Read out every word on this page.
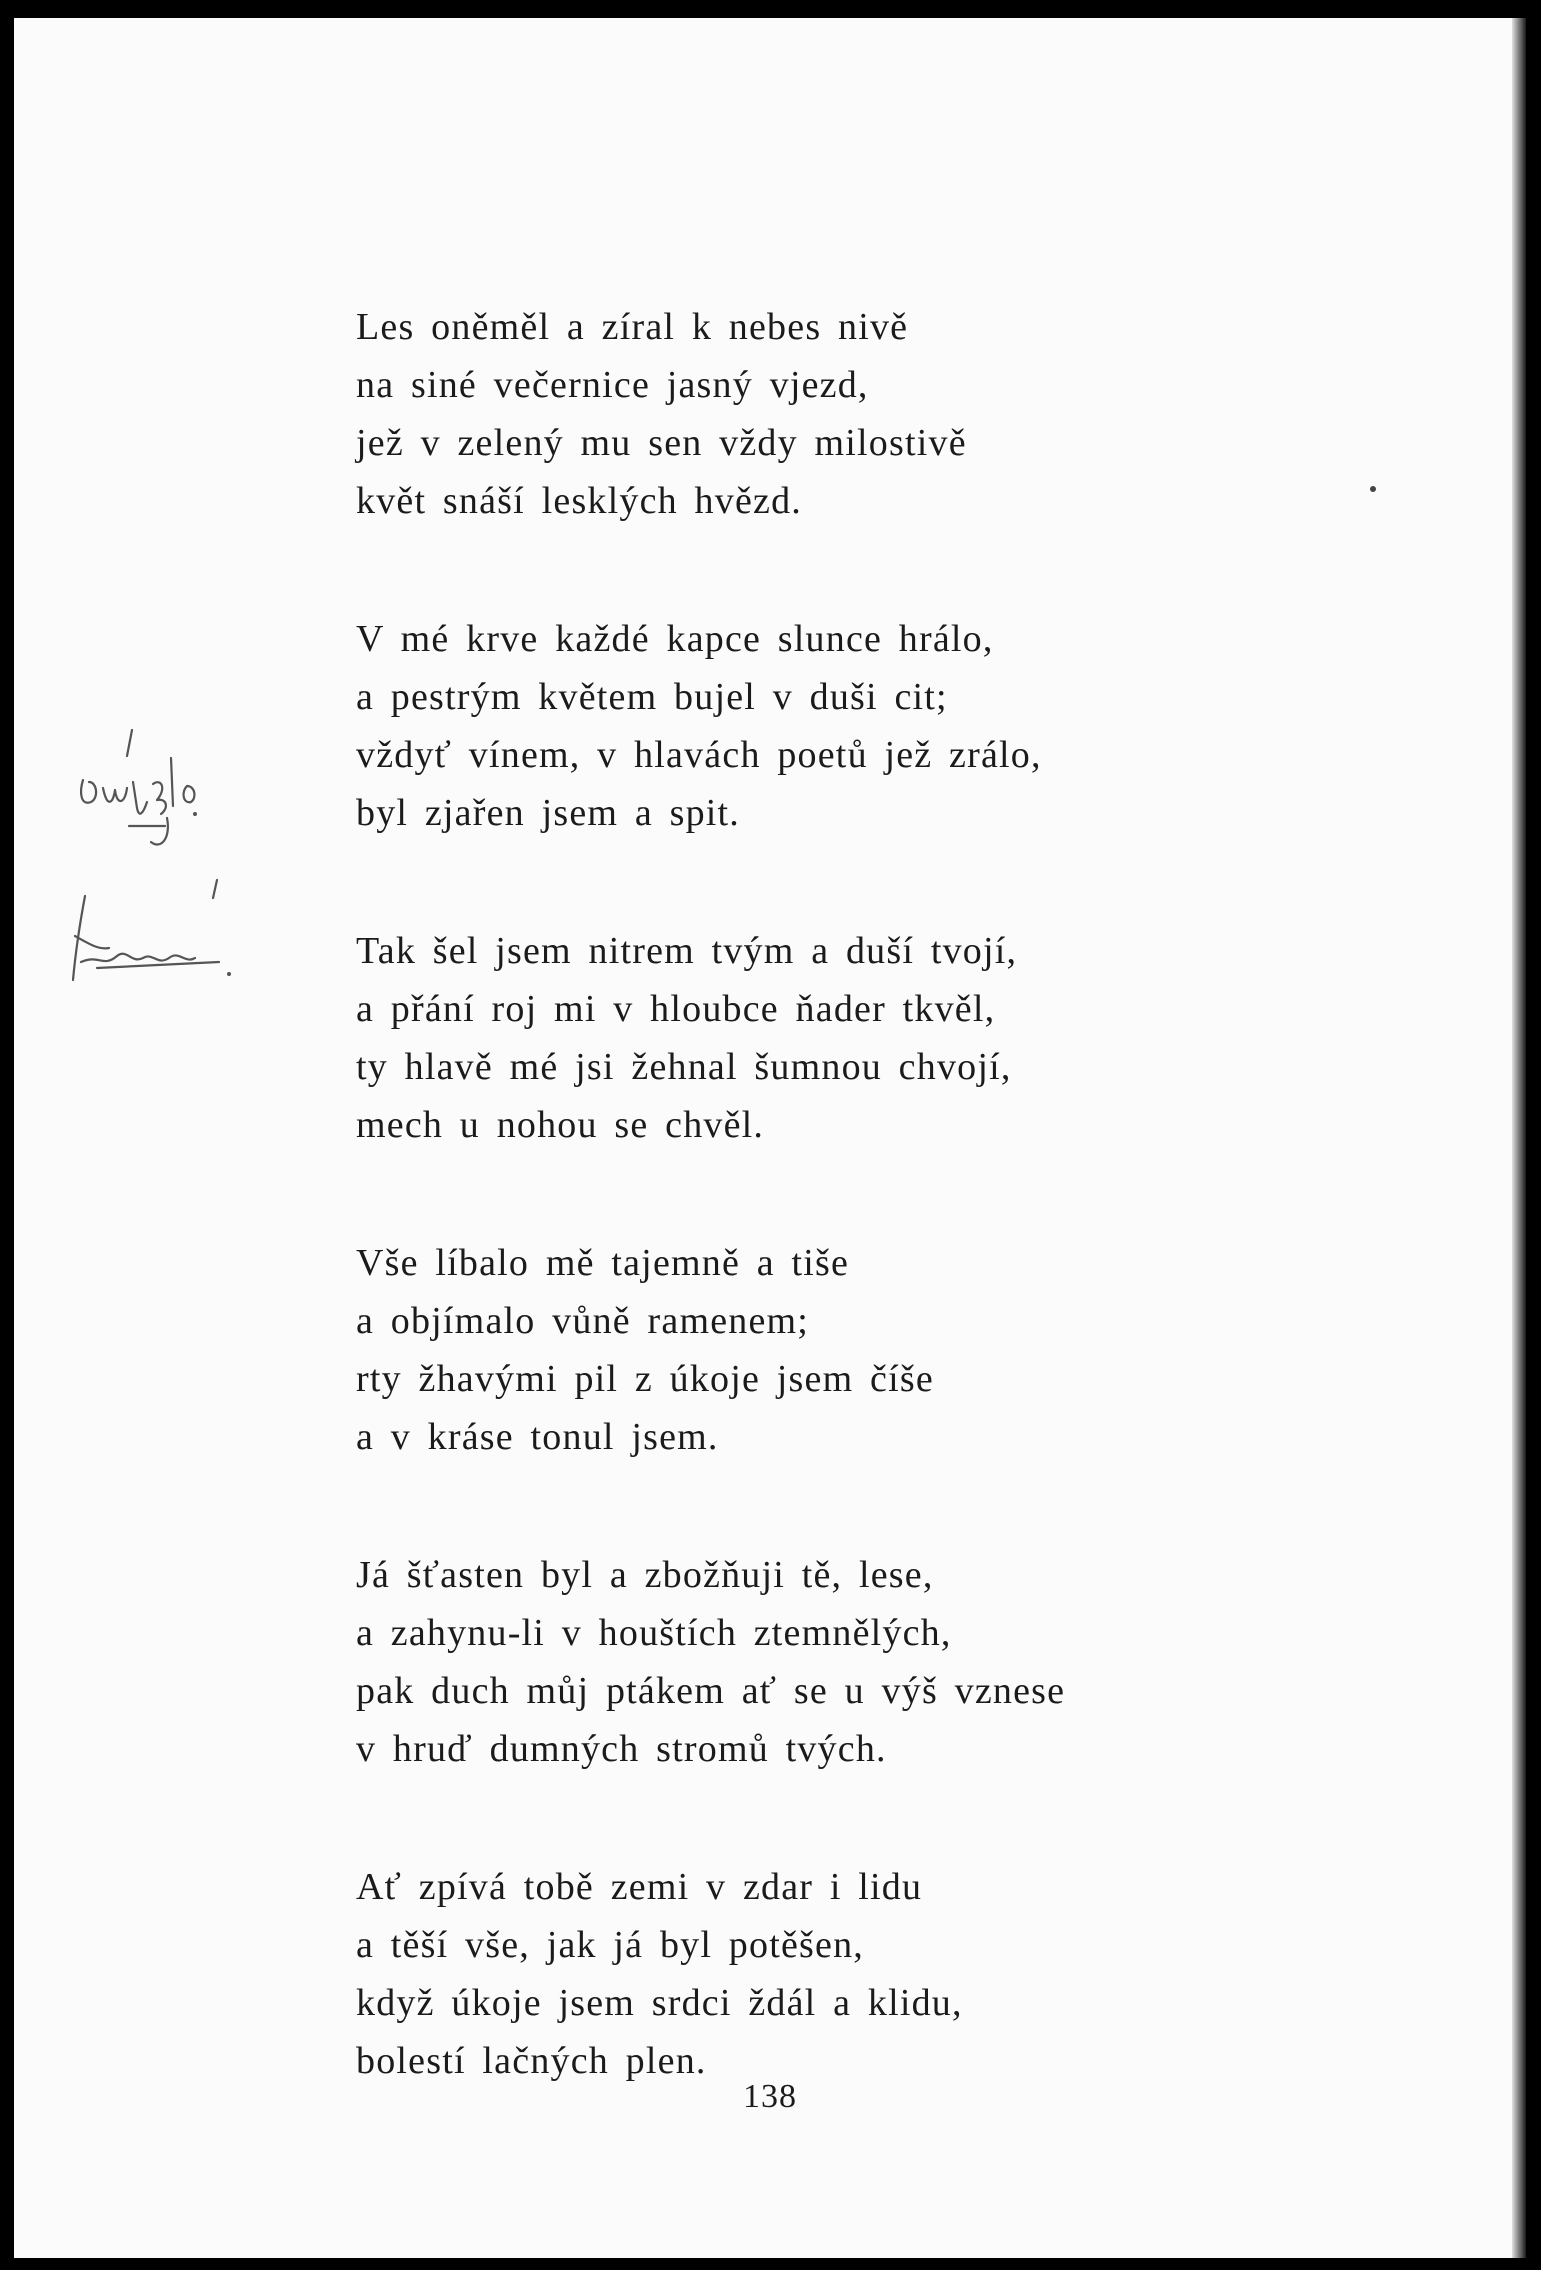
Les oněměl a zíral k nebes nivě
na siné večernice jasný vjezd,
jež v zelený mu sen vždy milostivě
květ snáší lesklých hvězd.
V mé krve každé kapce slunce hrálo,
a pestrým květem bujel v duši cit;
vždyť vínem, v hlavách poetů jež zrálo,
byl zjařen jsem a spit.
Tak šel jsem nitrem tvým a duší tvojí,
a přání roj mi v hloubce ňader tkvěl,
ty hlavě mé jsi žehnal šumnou chvojí,
mech u nohou se chvěl.
Vše líbalo mě tajemně a tiše
a objímalo vůně ramenem;
rty žhavými pil z úkoje jsem číše
a v kráse tonul jsem.
Já šťasten byl a zbožňuji tě, lese,
a zahynu-li v houštích ztemnělých,
pak duch můj ptákem ať se u výš vznese
v hruď dumných stromů tvých.
Ať zpívá tobě zemi v zdar i lidu
a těší vše, jak já byl potěšen,
když úkoje jsem srdci ždál a klidu,
bolestí lačných plen.
138
